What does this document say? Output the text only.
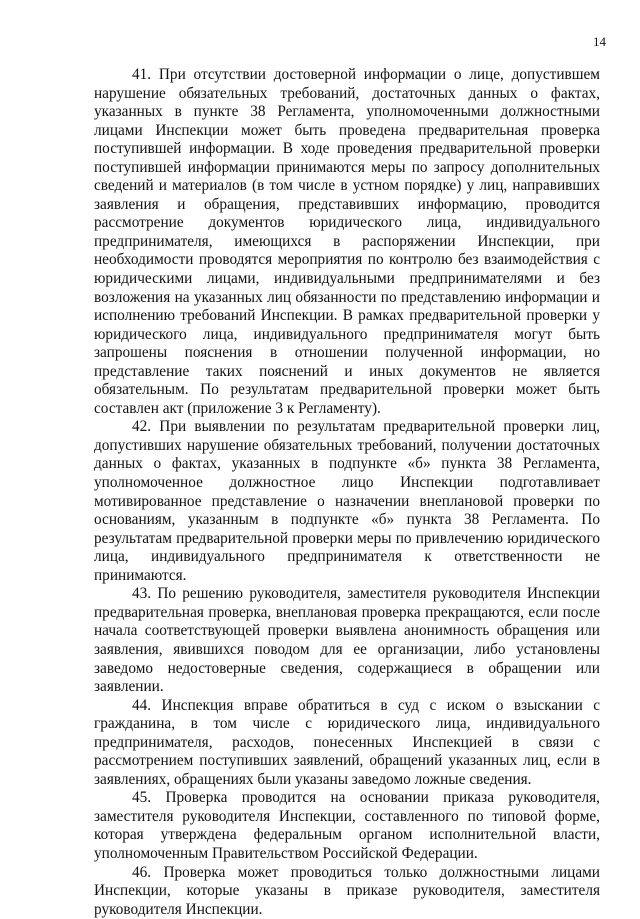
14

41. При отсутствии достоверной информации о лице, допустившем нарушение обязательных требований, достаточных данных о фактах, указанных в пункте 38 Регламента, уполномоченными должностными лицами Инспекции может быть проведена предварительная проверка поступившей информации. В ходе проведения предварительной проверки поступившей информации принимаются меры по запросу дополнительных сведений и материалов (в том числе в устном порядке) у лиц, направивших заявления и обращения, представивших информацию, проводится рассмотрение документов юридического лица, индивидуального предпринимателя, имеющихся в распоряжении Инспекции, при необходимости проводятся мероприятия по контролю без взаимодействия с юридическими лицами, индивидуальными предпринимателями и без возложения на указанных лиц обязанности по представлению информации и исполнению требований Инспекции. В рамках предварительной проверки у юридического лица, индивидуального предпринимателя могут быть запрошены пояснения в отношении полученной информации, но представление таких пояснений и иных документов не является обязательным. По результатам предварительной проверки может быть составлен акт (приложение 3 к Регламенту).

42. При выявлении по результатам предварительной проверки лиц, допустивших нарушение обязательных требований, получении достаточных данных о фактах, указанных в подпункте «б» пункта 38 Регламента, уполномоченное должностное лицо Инспекции подготавливает мотивированное представление о назначении внеплановой проверки по основаниям, указанным в подпункте «б» пункта 38 Регламента. По результатам предварительной проверки меры по привлечению юридического лица, индивидуального предпринимателя к ответственности не принимаются.

43. По решению руководителя, заместителя руководителя Инспекции предварительная проверка, внеплановая проверка прекращаются, если после начала соответствующей проверки выявлена анонимность обращения или заявления, явившихся поводом для ее организации, либо установлены заведомо недостоверные сведения, содержащиеся в обращении или заявлении.

44. Инспекция вправе обратиться в суд с иском о взыскании с гражданина, в том числе с юридического лица, индивидуального предпринимателя, расходов, понесенных Инспекцией в связи с рассмотрением поступивших заявлений, обращений указанных лиц, если в заявлениях, обращениях были указаны заведомо ложные сведения.

45. Проверка проводится на основании приказа руководителя, заместителя руководителя Инспекции, составленного по типовой форме, которая утверждена федеральным органом исполнительной власти, уполномоченным Правительством Российской Федерации.

46. Проверка может проводиться только должностными лицами Инспекции, которые указаны в приказе руководителя, заместителя руководителя Инспекции.
